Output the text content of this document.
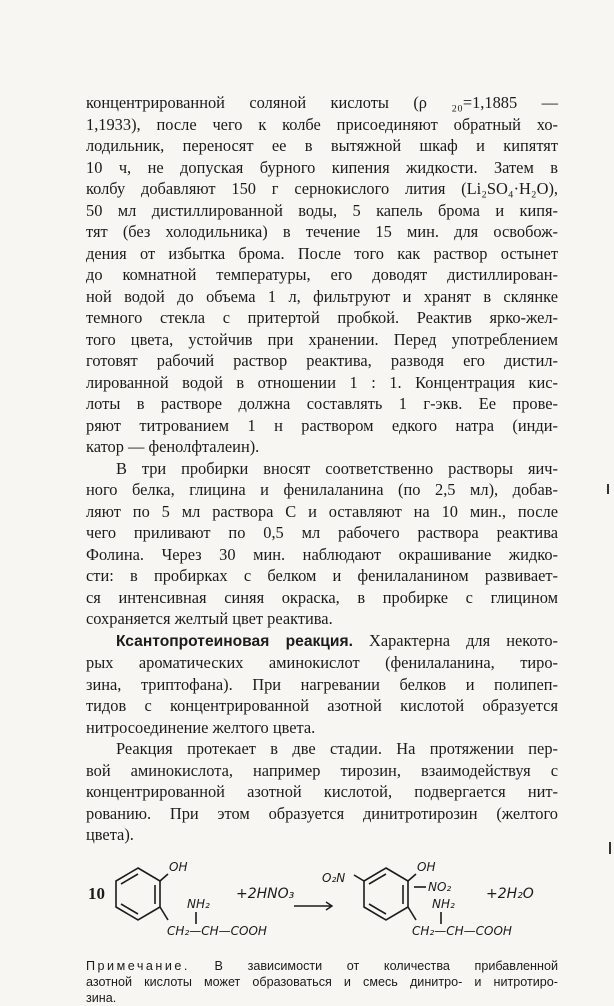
концентрированной соляной кислоты (ρ ₂₀=1,1885 —
1,1933), после чего к колбе присоединяют обратный хо-
лодильник, переносят ее в вытяжной шкаф и кипятят
10 ч, не допуская бурного кипения жидкости. Затем в
колбу добавляют 150 г сернокислого лития (Li₂SO₄·H₂O),
50 мл дистиллированной воды, 5 капель брома и кипя-
тят (без холодильника) в течение 15 мин. для освобож-
дения от избытка брома. После того как раствор остынет
до комнатной температуры, его доводят дистиллирован-
ной водой до объема 1 л, фильтруют и хранят в склянке
темного стекла с притертой пробкой. Реактив ярко-жел-
того цвета, устойчив при хранении. Перед употреблением
готовят рабочий раствор реактива, разводя его дистил-
лированной водой в отношении 1 : 1. Концентрация кис-
лоты в растворе должна составлять 1 г-экв. Ее прове-
ряют титрованием 1 н раствором едкого натра (инди-
катор — фенолфталеин).
В три пробирки вносят соответственно растворы яич-
ного белка, глицина и фенилаланина (по 2,5 мл), добав-
ляют по 5 мл раствора С и оставляют на 10 мин., после
чего приливают по 0,5 мл рабочего раствора реактива
Фолина. Через 30 мин. наблюдают окрашивание жидко-
сти: в пробирках с белком и фенилаланином развивает-
ся интенсивная синяя окраска, в пробирке с глицином
сохраняется желтый цвет реактива.
Ксантопротеиновая реакция. Характерна для некото-
рых ароматических аминокислот (фенилаланина, тиро-
зина, триптофана). При нагревании белков и полипеп-
тидов с концентрированной азотной кислотой образуется
нитросоединение желтого цвета.
Реакция протекает в две стадии. На протяжении пер-
вой аминокислота, например тирозин, взаимодействуя с
концентрированной азотной кислотой, подвергается нит-
рованию. При этом образуется динитротирозин (желтого
цвета).
OH
NH₂
CH₂—CH—COOH
+2HNO₃
O₂N
OH
NO₂
NH₂
CH₂—CH—COOH
+2H₂O
Примечание. В зависимости от количества прибавленной
азотной кислоты может образоваться и смесь динитро- и нитротиро-
зина.
10
